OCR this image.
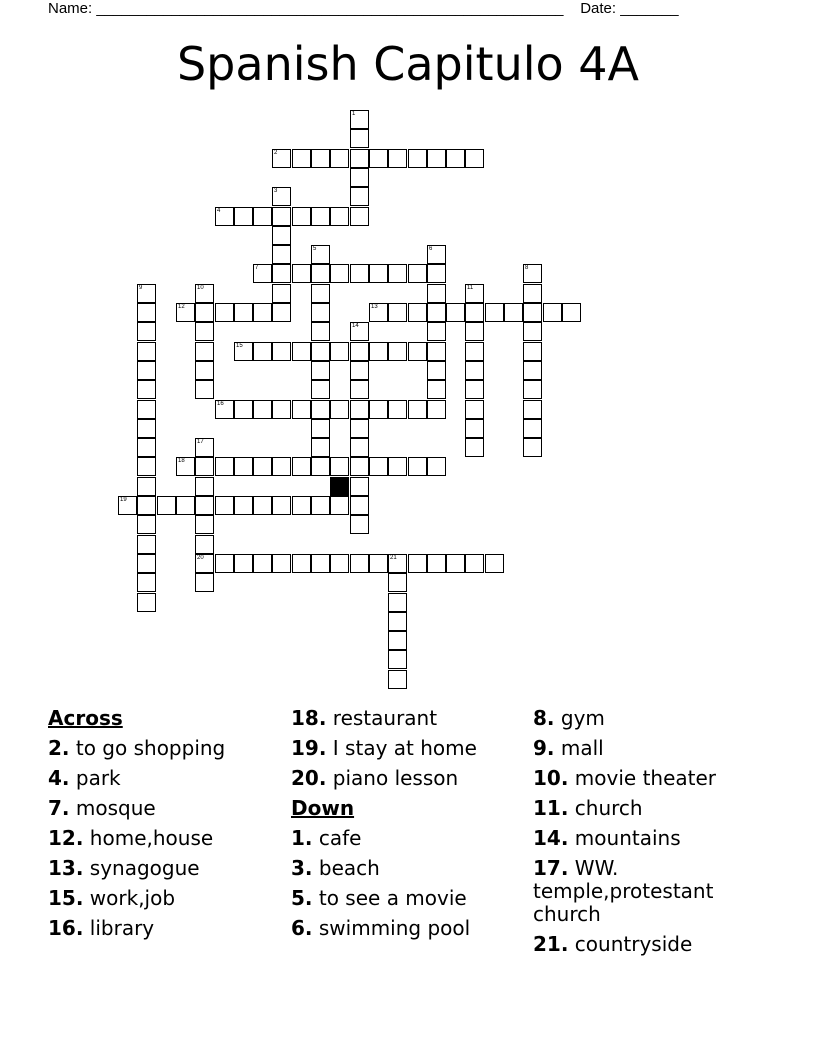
Name: ________________________________________________________ Date: _______
Spanish Capitulo 4A
1
2
3
4
5	6
7	8
9	10	11
12	13
14
15
16
17
20
18
19
21
Across
2. to go shopping
4. park
7. mosque
12. home,house
13. synagogue
15. work,job
16. library
18. restaurant
19. I stay at home
20. piano lesson
Down
1. cafe
3. beach
5. to see a movie
6. swimming pool
8. gym
9. mall
10. movie theater
11. church
14. mountains
17. WW. temple,protestant church
21. countryside
